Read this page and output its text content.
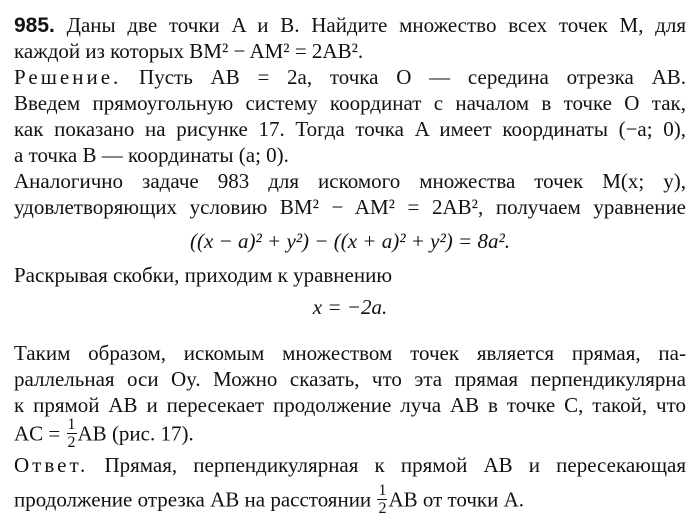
985. Даны две точки A и B. Найдите множество всех точек M, для
каждой из которых BM² − AM² = 2AB².
Решение. Пусть AB = 2a, точка O — середина отрезка AB.
Введем прямоугольную систему координат с началом в точке O так,
как показано на рисунке 17. Тогда точка A имеет координаты (−a; 0),
а точка B — координаты (a; 0).
Аналогично задаче 983 для искомого множества точек M(x; y),
удовлетворяющих условию BM² − AM² = 2AB², получаем уравнение
((x − a)² + y²) − ((x + a)² + y²) = 8a².
Раскрывая скобки, приходим к уравнению
x = −2a.
Таким образом, искомым множеством точек является прямая, па-
раллельная оси Oy. Можно сказать, что эта прямая перпендикулярна
к прямой AB и пересекает продолжение луча AB в точке C, такой, что
AC = $\frac{1}{2}$ AB (рис. 17).
Ответ. Прямая, перпендикулярная к прямой AB и пересекающая
продолжение отрезка AB на расстоянии $\frac{1}{2}$ AB от точки A.
